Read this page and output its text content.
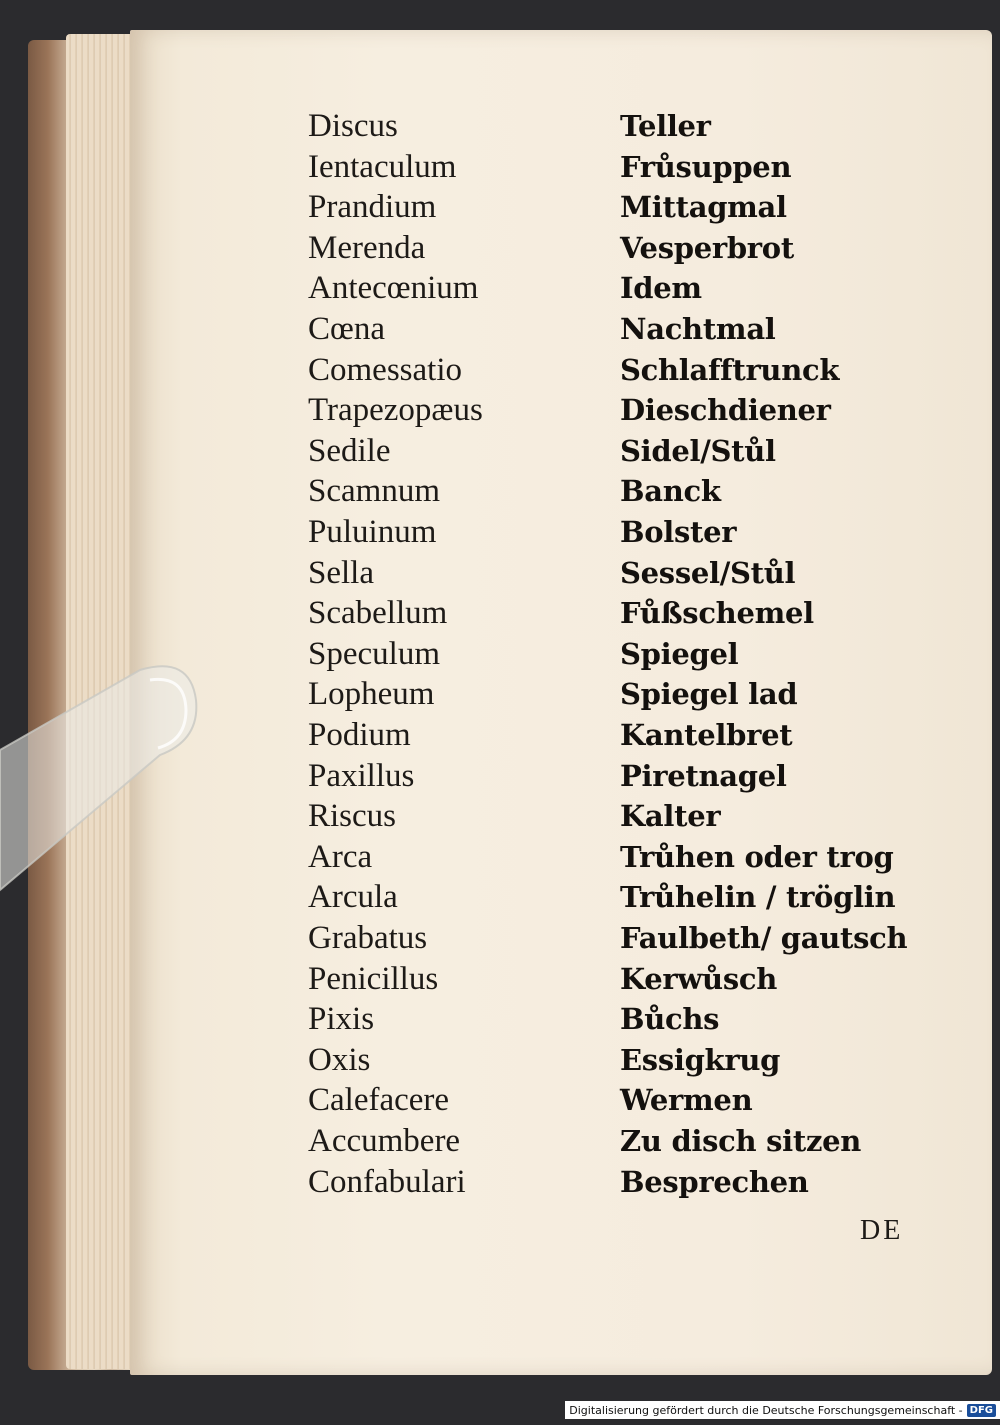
Discus	Teller
Ientaculum	Frůsuppen
Prandium	Mittagmal
Merenda	Vesperbrot
Antecœnium	Idem
Cœna	Nachtmal
Comessatio	Schlafftrunck
Trapezopæus	Dieschdiener
Sedile	Sidel/Stůl
Scamnum	Banck
Puluinum	Bolster
Sella	Sessel/Stůl
Scabellum	Fůßschemel
Speculum	Spiegel
Lopheum	Spiegel lad
Podium	Kantelbret
Paxillus	Piretnagel
Riscus	Kalter
Arca	Trůhen oder trog
Arcula	Trůhelin / tröglin
Grabatus	Faulbeth/ gautsch
Penicillus	Kerwůsch
Pixis	Bůchs
Oxis	Essigkrug
Calefacere	Wermen
Accumbere	Zu disch sitzen
Confabulari	Besprechen
DE
Digitalisierung gefördert durch die Deutsche Forschungsgemeinschaft - DFG
